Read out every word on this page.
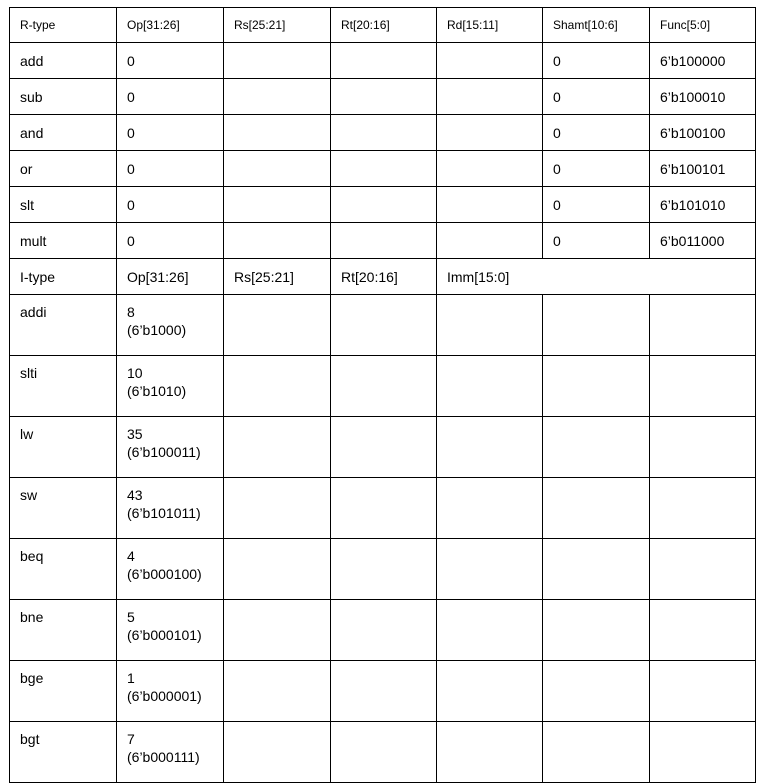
R-type	Op[31:26]	Rs[25:21]	Rt[20:16]	Rd[15:11]	Shamt[10:6]	Func[5:0]
add	0				0	6’b100000
sub	0				0	6’b100010
and	0				0	6’b100100
or	0				0	6’b100101
slt	0				0	6’b101010
mult	0				0	6’b011000
I-type	Op[31:26]	Rs[25:21]	Rt[20:16]	Imm[15:0]		
addi	8
(6’b1000)					

slti	10
(6’b1010)					

lw	35
(6’b100011)					

sw	43
(6’b101011)					

beq	4
(6’b000100)					

bne	5
(6’b000101)					

bge	1
(6’b000001)					

bgt	7
(6’b000111)					
